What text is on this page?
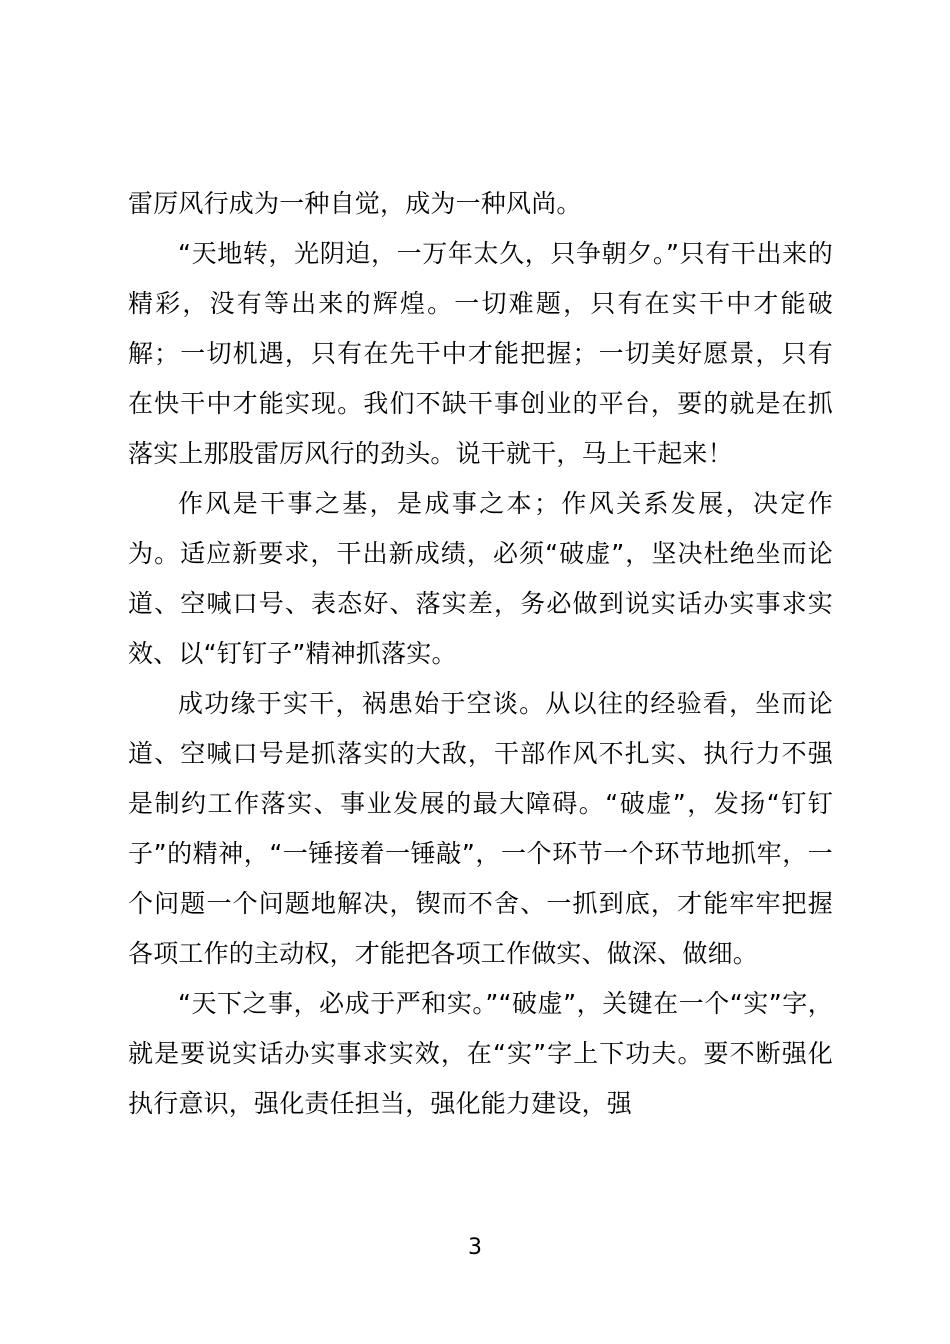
雷厉风行成为一种自觉，成为一种风尚。

“天地转，光阴迫，一万年太久，只争朝夕。”只有干出来的精彩，没有等出来的辉煌。一切难题，只有在实干中才能破解；一切机遇，只有在先干中才能把握；一切美好愿景，只有在快干中才能实现。我们不缺干事创业的平台，要的就是在抓落实上那股雷厉风行的劲头。说干就干，马上干起来！

作风是干事之基，是成事之本；作风关系发展，决定作为。适应新要求，干出新成绩，必须“破虚”，坚决杜绝坐而论道、空喊口号、表态好、落实差，务必做到说实话办实事求实效、以“钉钉子”精神抓落实。

成功缘于实干，祸患始于空谈。从以往的经验看，坐而论道、空喊口号是抓落实的大敌，干部作风不扎实、执行力不强是制约工作落实、事业发展的最大障碍。“破虚”，发扬“钉钉子”的精神，“一锤接着一锤敲”，一个环节一个环节地抓牢，一个问题一个问题地解决，锲而不舍、一抓到底，才能牢牢把握各项工作的主动权，才能把各项工作做实、做深、做细。

“天下之事，必成于严和实。”“破虚”，关键在一个“实”字，就是要说实话办实事求实效，在“实”字上下功夫。要不断强化执行意识，强化责任担当，强化能力建设，强

3
